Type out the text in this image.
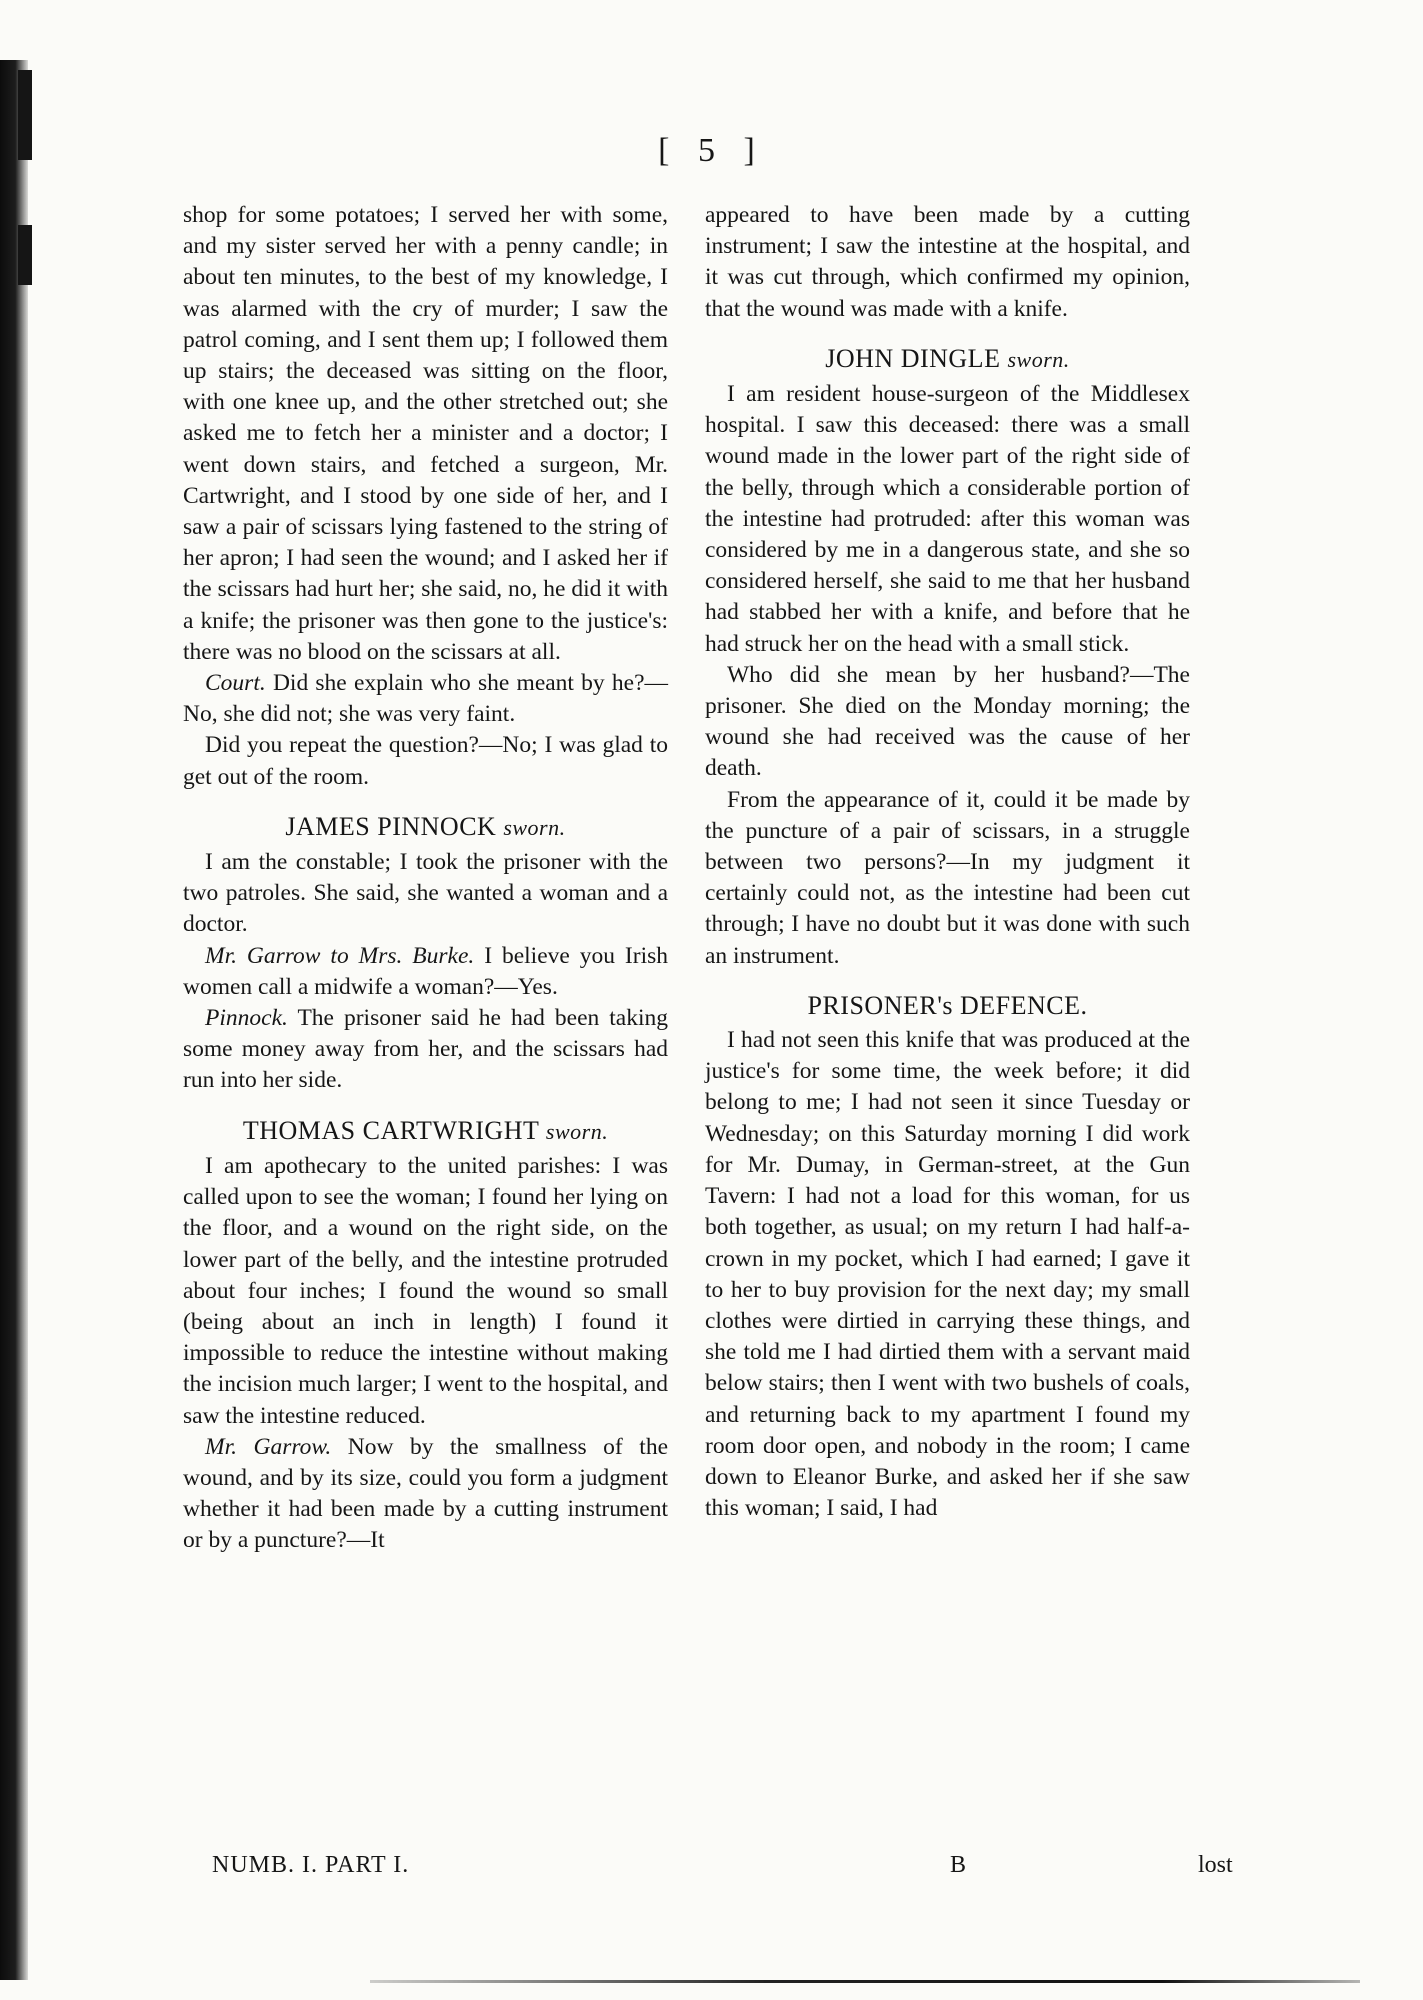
[ 5 ]

shop for some potatoes; I served her with some, and my sister served her with a penny candle; in about ten minutes, to the best of my knowledge, I was alarmed with the cry of murder; I saw the patrol coming, and I sent them up; I followed them up stairs; the deceased was sitting on the floor, with one knee up, and the other stretched out; she asked me to fetch her a minister and a doctor; I went down stairs, and fetched a surgeon, Mr. Cartwright, and I stood by one side of her, and I saw a pair of scissars lying fastened to the string of her apron; I had seen the wound; and I asked her if the scissars had hurt her; she said, no, he did it with a knife; the prisoner was then gone to the justice's: there was no blood on the scissars at all.

Court. Did she explain who she meant by he?—No, she did not; she was very faint.

Did you repeat the question?—No; I was glad to get out of the room.

JAMES PINNOCK sworn.

I am the constable; I took the prisoner with the two patroles. She said, she wanted a woman and a doctor.

Mr. Garrow to Mrs. Burke. I believe you Irish women call a midwife a woman?—Yes.

Pinnock. The prisoner said he had been taking some money away from her, and the scissars had run into her side.

THOMAS CARTWRIGHT sworn.

I am apothecary to the united parishes: I was called upon to see the woman; I found her lying on the floor, and a wound on the right side, on the lower part of the belly, and the intestine protruded about four inches; I found the wound so small (being about an inch in length) I found it impossible to reduce the intestine without making the incision much larger; I went to the hospital, and saw the intestine reduced.

Mr. Garrow. Now by the smallness of the wound, and by its size, could you form a judgment whether it had been made by a cutting instrument or by a puncture?—It

appeared to have been made by a cutting instrument; I saw the intestine at the hospital, and it was cut through, which confirmed my opinion, that the wound was made with a knife.

JOHN DINGLE sworn.

I am resident house-surgeon of the Middlesex hospital. I saw this deceased: there was a small wound made in the lower part of the right side of the belly, through which a considerable portion of the intestine had protruded: after this woman was considered by me in a dangerous state, and she so considered herself, she said to me that her husband had stabbed her with a knife, and before that he had struck her on the head with a small stick.

Who did she mean by her husband?—The prisoner. She died on the Monday morning; the wound she had received was the cause of her death.

From the appearance of it, could it be made by the puncture of a pair of scissars, in a struggle between two persons?—In my judgment it certainly could not, as the intestine had been cut through; I have no doubt but it was done with such an instrument.

PRISONER's DEFENCE.

I had not seen this knife that was produced at the justice's for some time, the week before; it did belong to me; I had not seen it since Tuesday or Wednesday; on this Saturday morning I did work for Mr. Dumay, in German-street, at the Gun Tavern: I had not a load for this woman, for us both together, as usual; on my return I had half-a-crown in my pocket, which I had earned; I gave it to her to buy provision for the next day; my small clothes were dirtied in carrying these things, and she told me I had dirtied them with a servant maid below stairs; then I went with two bushels of coals, and returning back to my apartment I found my room door open, and nobody in the room; I came down to Eleanor Burke, and asked her if she saw this woman; I said, I had

NUMB. I. PART I.	B	lost
